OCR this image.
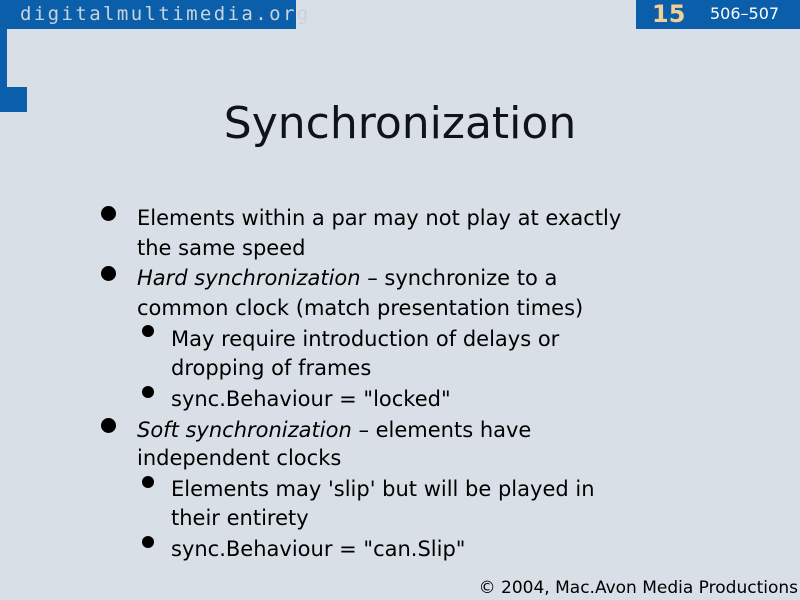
digitalmultimedia.org	15 506–507
Synchronization
Elements within a par may not play at exactly
the same speed
Hard synchronization – synchronize to a
common clock (match presentation times)
May require introduction of delays or
dropping of frames
sync.Behaviour = "locked"
Soft synchronization – elements have
independent clocks
Elements may 'slip' but will be played in
their entirety
sync.Behaviour = "can.Slip"
© 2004, Mac.Avon Media Productions
